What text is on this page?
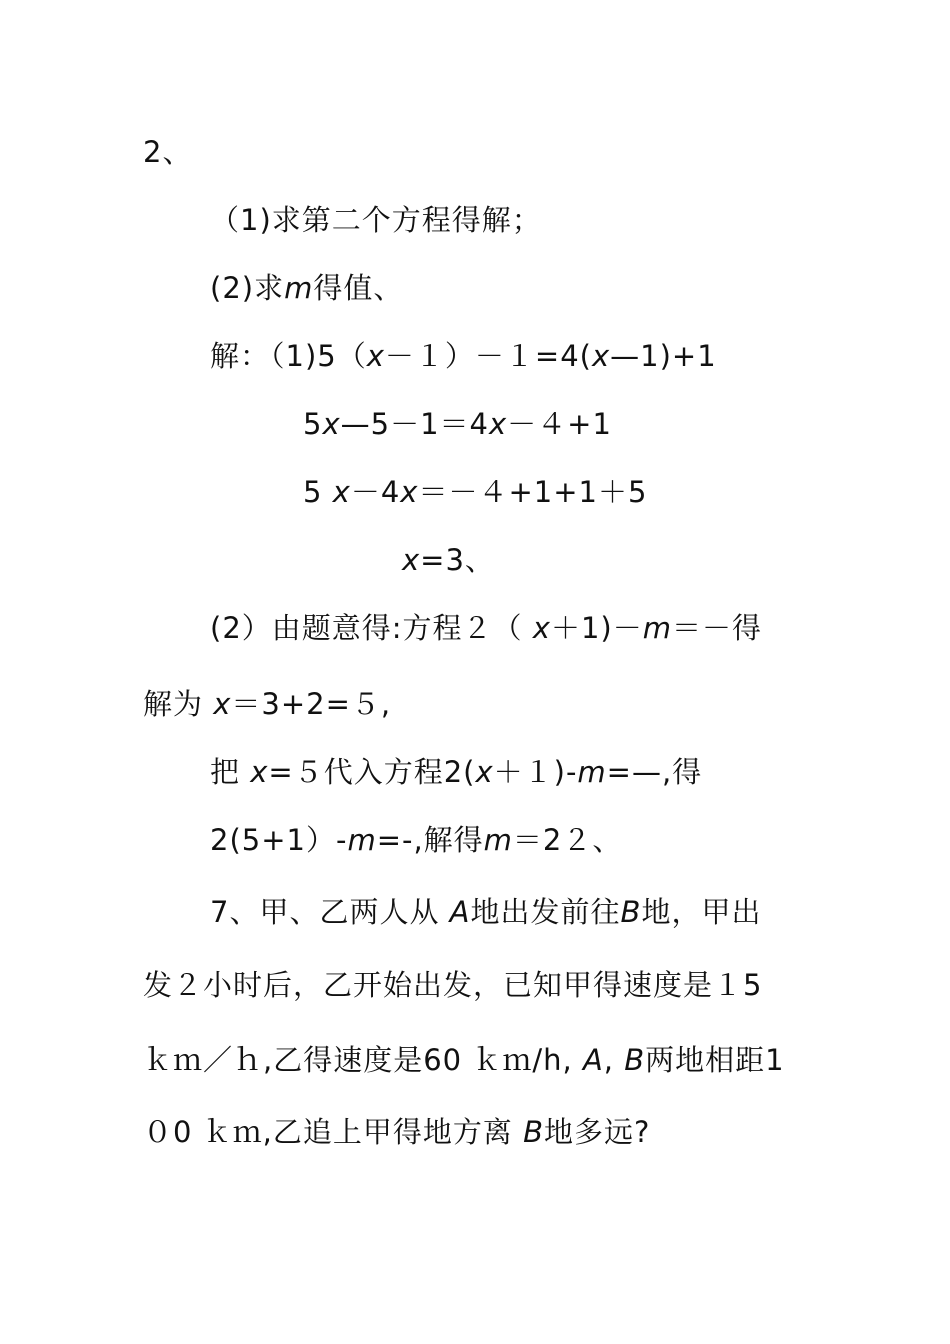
2、
（1)求第二个方程得解；
(2)求m得值、
解：（1)5（x－１）－１=4(x—1)+1
5x—5－1＝4x－４+1
5 x－4x＝－４+1+1＋5
x=3、
(2）由题意得:方程２（ x＋1)－m＝－得
解为 x＝3+2=５,
把 x=５代入方程2(x＋１)-m=—,得
2(5+1）-m=-,解得m＝2２、
7、甲、乙两人从 A地出发前往B地，甲出
发２小时后，乙开始出发，已知甲得速度是１5
ｋｍ／ｈ,乙得速度是60 ｋｍ/h, A, B两地相距1
０0 ｋｍ,乙追上甲得地方离 B地多远?
